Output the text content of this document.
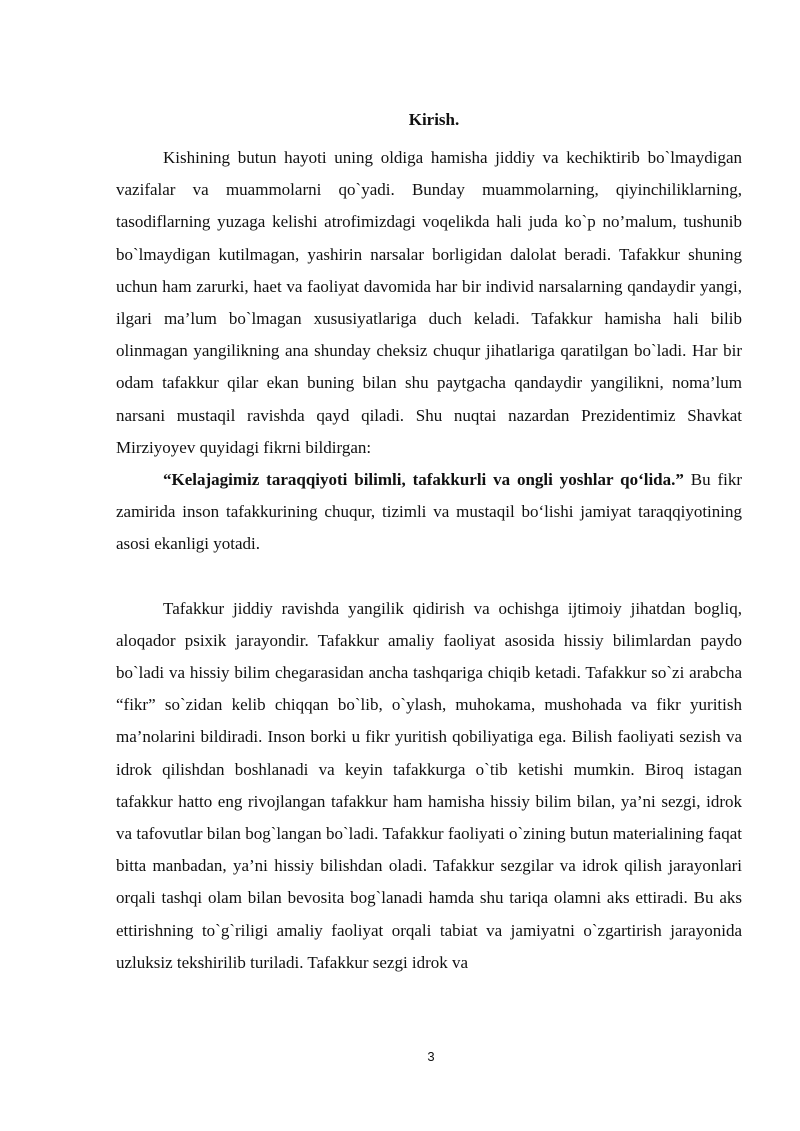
Kirish.

Kishining butun hayoti uning oldiga hamisha jiddiy va kechiktirib bo`lmaydigan vazifalar va muammolarni qo`yadi. Bunday muammolarning, qiyinchiliklarning, tasodiflarning yuzaga kelishi atrofimizdagi voqelikda hali juda ko`p no’malum, tushunib bo`lmaydigan kutilmagan, yashirin narsalar borligidan dalolat beradi. Tafakkur shuning uchun ham zarurki, haet va faoliyat davomida har bir individ narsalarning qandaydir yangi, ilgari ma’lum bo`lmagan xususiyatlariga duch keladi. Tafakkur hamisha hali bilib olinmagan yangilikning ana shunday cheksiz chuqur jihatlariga qaratilgan bo`ladi. Har bir odam tafakkur qilar ekan buning bilan shu paytgacha qandaydir yangilikni, noma’lum narsani mustaqil ravishda qayd qiladi. Shu nuqtai nazardan Prezidentimiz Shavkat Mirziyoyev quyidagi fikrni bildirgan:

“Kelajagimiz taraqqiyoti bilimli, tafakkurli va ongli yoshlar qo‘lida.” Bu fikr zamirida inson tafakkurining chuqur, tizimli va mustaqil bo‘lishi jamiyat taraqqiyotining asosi ekanligi yotadi.

Tafakkur jiddiy ravishda yangilik qidirish va ochishga ijtimoiy jihatdan bogliq, aloqador psixik jarayondir. Tafakkur amaliy faoliyat asosida hissiy bilimlardan paydo bo`ladi va hissiy bilim chegarasidan ancha tashqariga chiqib ketadi. Tafakkur so`zi arabcha “fikr” so`zidan kelib chiqqan bo`lib, o`ylash, muhokama, mushohada va fikr yuritish ma’nolarini bildiradi. Inson borki u fikr yuritish qobiliyatiga ega. Bilish faoliyati sezish va idrok qilishdan boshlanadi va keyin tafakkurga o`tib ketishi mumkin. Biroq istagan tafakkur hatto eng rivojlangan tafakkur ham hamisha hissiy bilim bilan, ya’ni sezgi, idrok va tafovutlar bilan bog`langan bo`ladi. Tafakkur faoliyati o`zining butun materialining faqat bitta manbadan, ya’ni hissiy bilishdan oladi. Tafakkur sezgilar va idrok qilish jarayonlari orqali tashqi olam bilan bevosita bog`lanadi hamda shu tariqa olamni aks ettiradi. Bu aks ettirishning to`g`riligi amaliy faoliyat orqali tabiat va jamiyatni o`zgartirish jarayonida uzluksiz tekshirilib turiladi. Tafakkur sezgi idrok va

3
